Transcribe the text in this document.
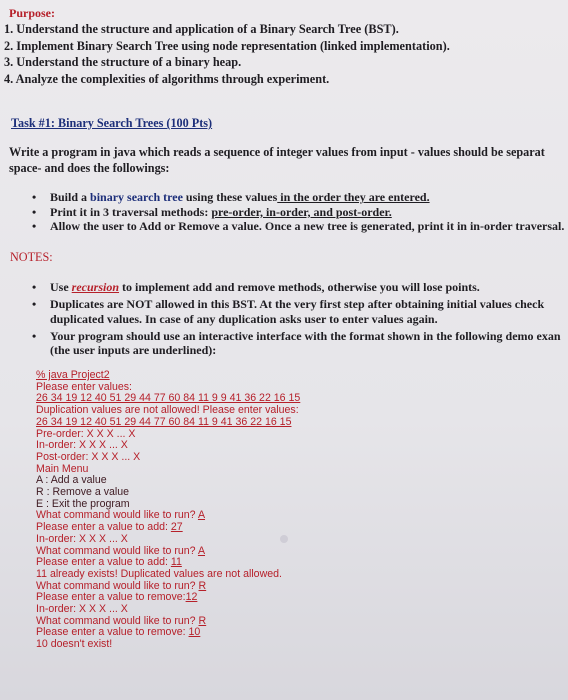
Purpose:
1. Understand the structure and application of a Binary Search Tree (BST).
2. Implement Binary Search Tree using node representation (linked implementation).
3. Understand the structure of a binary heap.
4. Analyze the complexities of algorithms through experiment.
Task #1: Binary Search Trees (100 Pts)
Write a program in java which reads a sequence of integer values from input - values should be separat
space- and does the followings:
• Build a binary search tree using these values in the order they are entered.
• Print it in 3 traversal methods: pre-order, in-order, and post-order.
• Allow the user to Add or Remove a value. Once a new tree is generated, print it in in-order traversal.
NOTES:
• Use recursion to implement add and remove methods, otherwise you will lose points.
• Duplicates are NOT allowed in this BST. At the very first step after obtaining initial values check
duplicated values. In case of any duplication asks user to enter values again.
• Your program should use an interactive interface with the format shown in the following demo exan
(the user inputs are underlined):
% java Project2
Please enter values:
26 34 19 12 40 51 29 44 77 60 84 11 9 9 41 36 22 16 15
Duplication values are not allowed! Please enter values:
26 34 19 12 40 51 29 44 77 60 84 11 9 41 36 22 16 15
Pre-order: X X X ... X
In-order: X X X ... X
Post-order: X X X ... X
Main Menu
A : Add a value
R : Remove a value
E : Exit the program
What command would like to run? A
Please enter a value to add: 27
In-order: X X X ... X
What command would like to run? A
Please enter a value to add: 11
11 already exists! Duplicated values are not allowed.
What command would like to run? R
Please enter a value to remove:12
In-order: X X X ... X
What command would like to run? R
Please enter a value to remove: 10
10 doesn't exist!
